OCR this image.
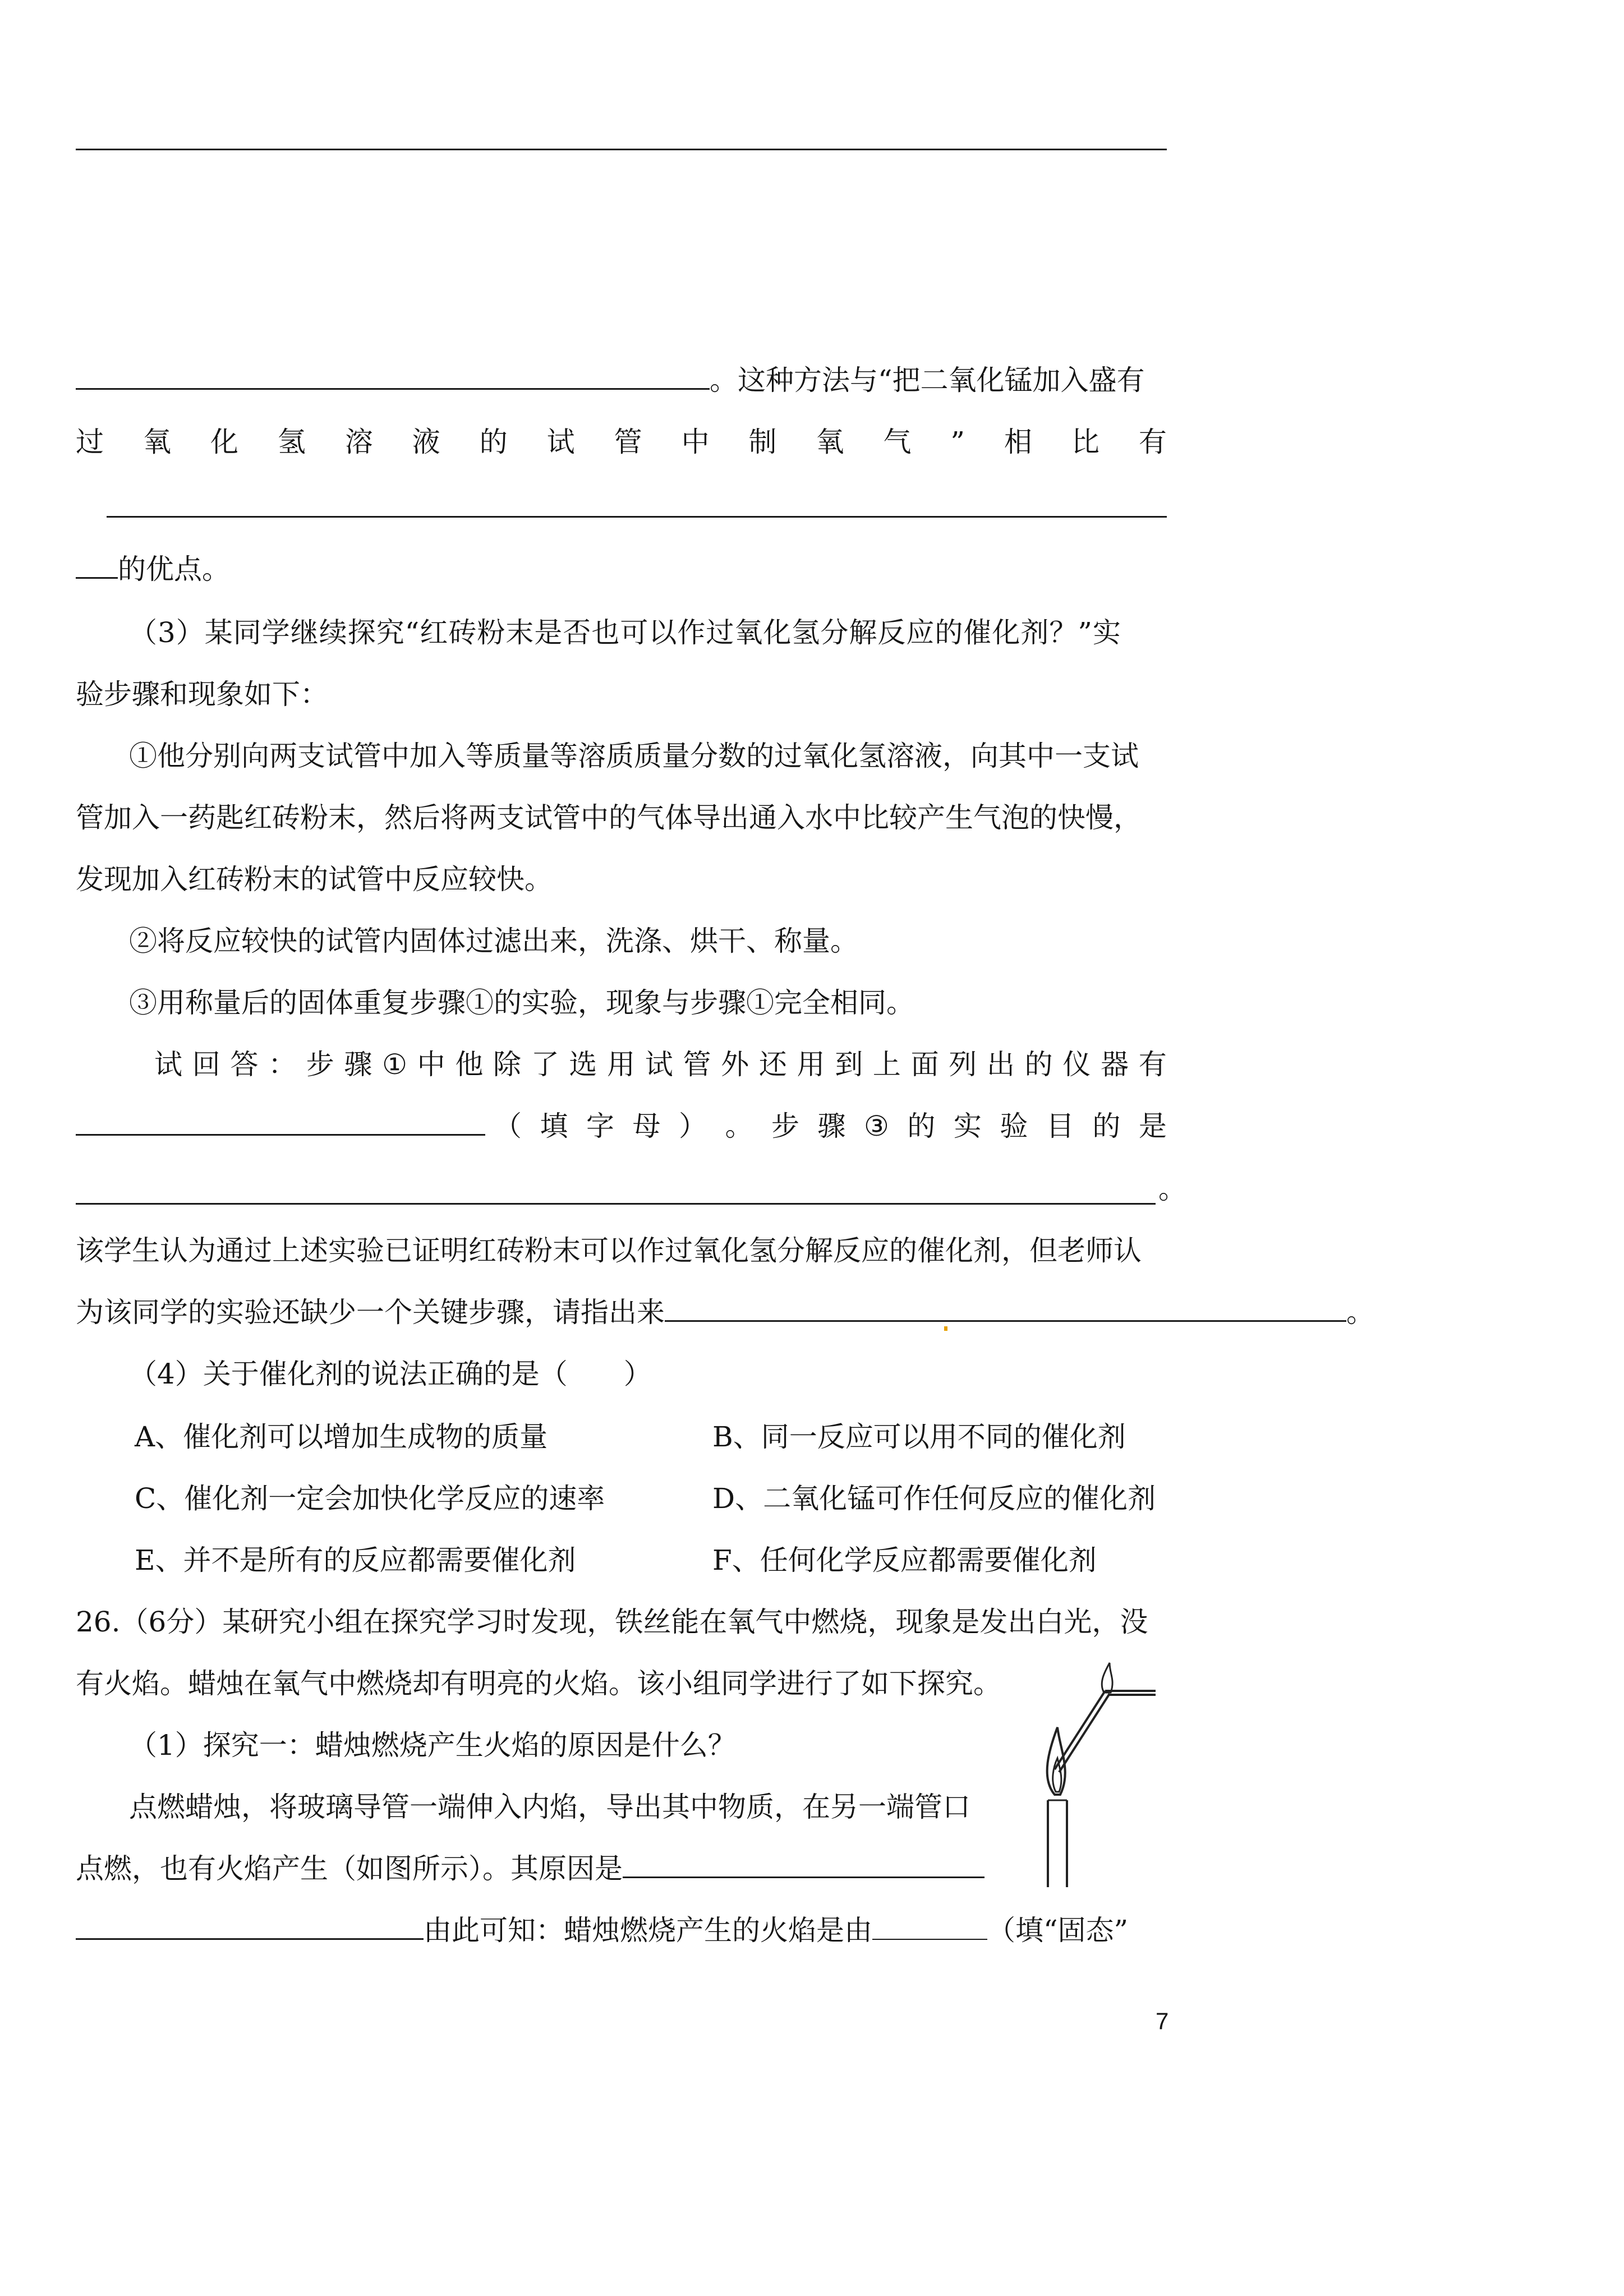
。这种方法与“把二氧化锰加入盛有
过 氧 化 氢 溶 液 的 试 管 中 制 氧 气 ” 相 比 有
的优点。
（3）某同学继续探究“红砖粉末是否也可以作过氧化氢分解反应的催化剂？”实
验步骤和现象如下：
①他分别向两支试管中加入等质量等溶质质量分数的过氧化氢溶液，向其中一支试
管加入一药匙红砖粉末，然后将两支试管中的气体导出通入水中比较产生气泡的快慢，
发现加入红砖粉末的试管中反应较快。
②将反应较快的试管内固体过滤出来，洗涤、烘干、称量。
③用称量后的固体重复步骤①的实验，现象与步骤①完全相同。
试 回 答 ： 步 骤 ① 中 他 除 了 选 用 试 管 外 还 用 到 上 面 列 出 的 仪 器 有
（ 填 字 母 ） 。 步 骤 ③ 的 实 验 目 的 是
。
该学生认为通过上述实验已证明红砖粉末可以作过氧化氢分解反应的催化剂，但老师认
为该同学的实验还缺少一个关键步骤，请指出来	。
（4）关于催化剂的说法正确的是（　　）
A、催化剂可以增加生成物的质量	B、同一反应可以用不同的催化剂
C、催化剂一定会加快化学反应的速率	D、二氧化锰可作任何反应的催化剂
E、并不是所有的反应都需要催化剂	F、任何化学反应都需要催化剂
26.（6分）某研究小组在探究学习时发现，铁丝能在氧气中燃烧，现象是发出白光，没
有火焰。蜡烛在氧气中燃烧却有明亮的火焰。该小组同学进行了如下探究。
（1）探究一：蜡烛燃烧产生火焰的原因是什么？
点燃蜡烛，将玻璃导管一端伸入内焰，导出其中物质，在另一端管口
点燃，也有火焰产生（如图所示）。其原因是
由此可知：蜡烛燃烧产生的火焰是由	（填“固态”
7
